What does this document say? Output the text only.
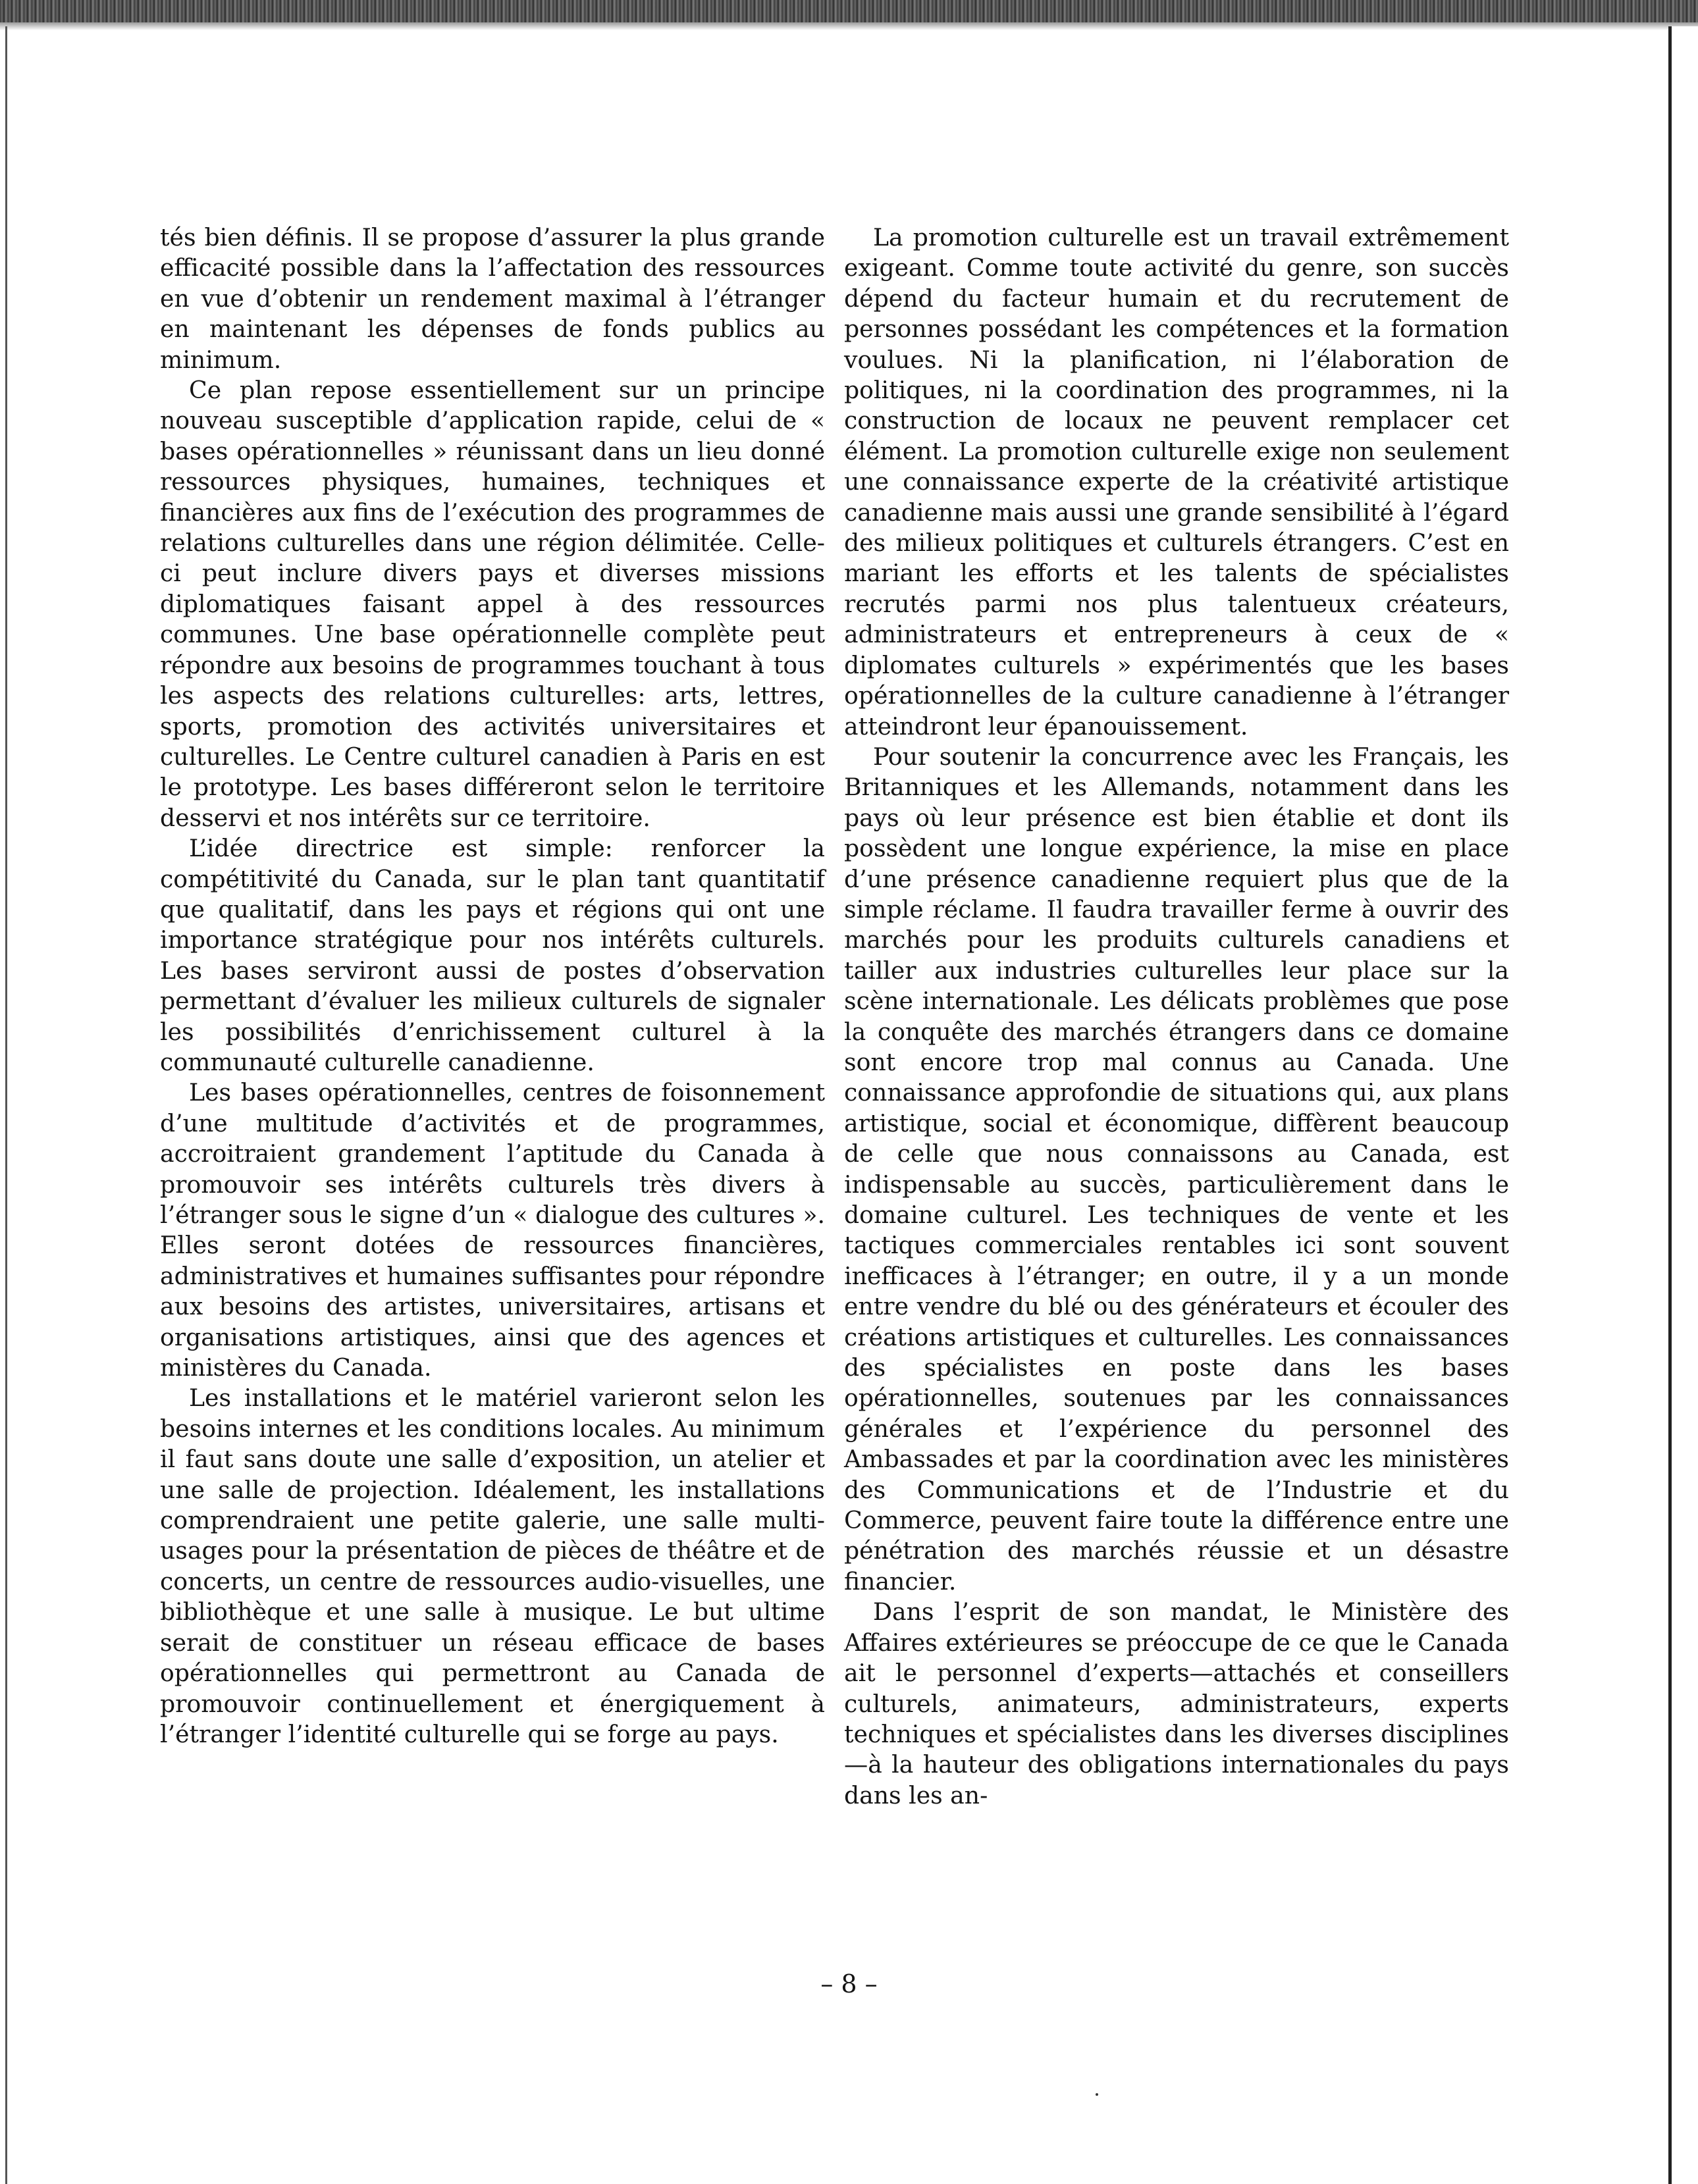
tés bien définis. Il se propose d’assurer la plus grande efficacité possible dans la l’affectation des ressources en vue d’obtenir un rendement maximal à l’étranger en maintenant les dépenses de fonds publics au minimum.

Ce plan repose essentiellement sur un principe nouveau susceptible d’application rapide, celui de « bases opérationnelles » réunissant dans un lieu donné ressources physiques, humaines, techniques et financières aux fins de l’exécution des programmes de relations culturelles dans une région délimitée. Celle-ci peut inclure divers pays et diverses missions diplomatiques faisant appel à des ressources communes. Une base opérationnelle complète peut répondre aux besoins de programmes touchant à tous les aspects des relations culturelles: arts, lettres, sports, promotion des activités universitaires et culturelles. Le Centre culturel canadien à Paris en est le prototype. Les bases différeront selon le territoire desservi et nos intérêts sur ce territoire.

L’idée directrice est simple: renforcer la compétitivité du Canada, sur le plan tant quantitatif que qualitatif, dans les pays et régions qui ont une importance stratégique pour nos intérêts culturels. Les bases serviront aussi de postes d’observation permettant d’évaluer les milieux culturels de signaler les possibilités d’enrichissement culturel à la communauté culturelle canadienne.

Les bases opérationnelles, centres de foisonnement d’une multitude d’activités et de programmes, accroitraient grandement l’aptitude du Canada à promouvoir ses intérêts culturels très divers à l’étranger sous le signe d’un « dialogue des cultures ». Elles seront dotées de ressources financières, administratives et humaines suffisantes pour répondre aux besoins des artistes, universitaires, artisans et organisations artistiques, ainsi que des agences et ministères du Canada.

Les installations et le matériel varieront selon les besoins internes et les conditions locales. Au minimum il faut sans doute une salle d’exposition, un atelier et une salle de projection. Idéalement, les installations comprendraient une petite galerie, une salle multi-usages pour la présentation de pièces de théâtre et de concerts, un centre de ressources audio-visuelles, une bibliothèque et une salle à musique. Le but ultime serait de constituer un réseau efficace de bases opérationnelles qui permettront au Canada de promouvoir continuellement et énergiquement à l’étranger l’identité culturelle qui se forge au pays.

La promotion culturelle est un travail extrêmement exigeant. Comme toute activité du genre, son succès dépend du facteur humain et du recrutement de personnes possédant les compétences et la formation voulues. Ni la planification, ni l’élaboration de politiques, ni la coordination des programmes, ni la construction de locaux ne peuvent remplacer cet élément. La promotion culturelle exige non seulement une connaissance experte de la créativité artistique canadienne mais aussi une grande sensibilité à l’égard des milieux politiques et culturels étrangers. C’est en mariant les efforts et les talents de spécialistes recrutés parmi nos plus talentueux créateurs, administrateurs et entrepreneurs à ceux de « diplomates culturels » expérimentés que les bases opérationnelles de la culture canadienne à l’étranger atteindront leur épanouissement.

Pour soutenir la concurrence avec les Français, les Britanniques et les Allemands, notamment dans les pays où leur présence est bien établie et dont ils possèdent une longue expérience, la mise en place d’une présence canadienne requiert plus que de la simple réclame. Il faudra travailler ferme à ouvrir des marchés pour les produits culturels canadiens et tailler aux industries culturelles leur place sur la scène internationale. Les délicats problèmes que pose la conquête des marchés étrangers dans ce domaine sont encore trop mal connus au Canada. Une connaissance approfondie de situations qui, aux plans artistique, social et économique, diffèrent beaucoup de celle que nous connaissons au Canada, est indispensable au succès, particulièrement dans le domaine culturel. Les techniques de vente et les tactiques commerciales rentables ici sont souvent inefficaces à l’étranger; en outre, il y a un monde entre vendre du blé ou des générateurs et écouler des créations artistiques et culturelles. Les connaissances des spécialistes en poste dans les bases opérationnelles, soutenues par les connaissances générales et l’expérience du personnel des Ambassades et par la coordination avec les ministères des Communications et de l’Industrie et du Commerce, peuvent faire toute la différence entre une pénétration des marchés réussie et un désastre financier.

Dans l’esprit de son mandat, le Ministère des Affaires extérieures se préoccupe de ce que le Canada ait le personnel d’experts—attachés et conseillers culturels, animateurs, administrateurs, experts techniques et spécialistes dans les diverses disciplines—à la hauteur des obligations internationales du pays dans les an-

– 8 –
